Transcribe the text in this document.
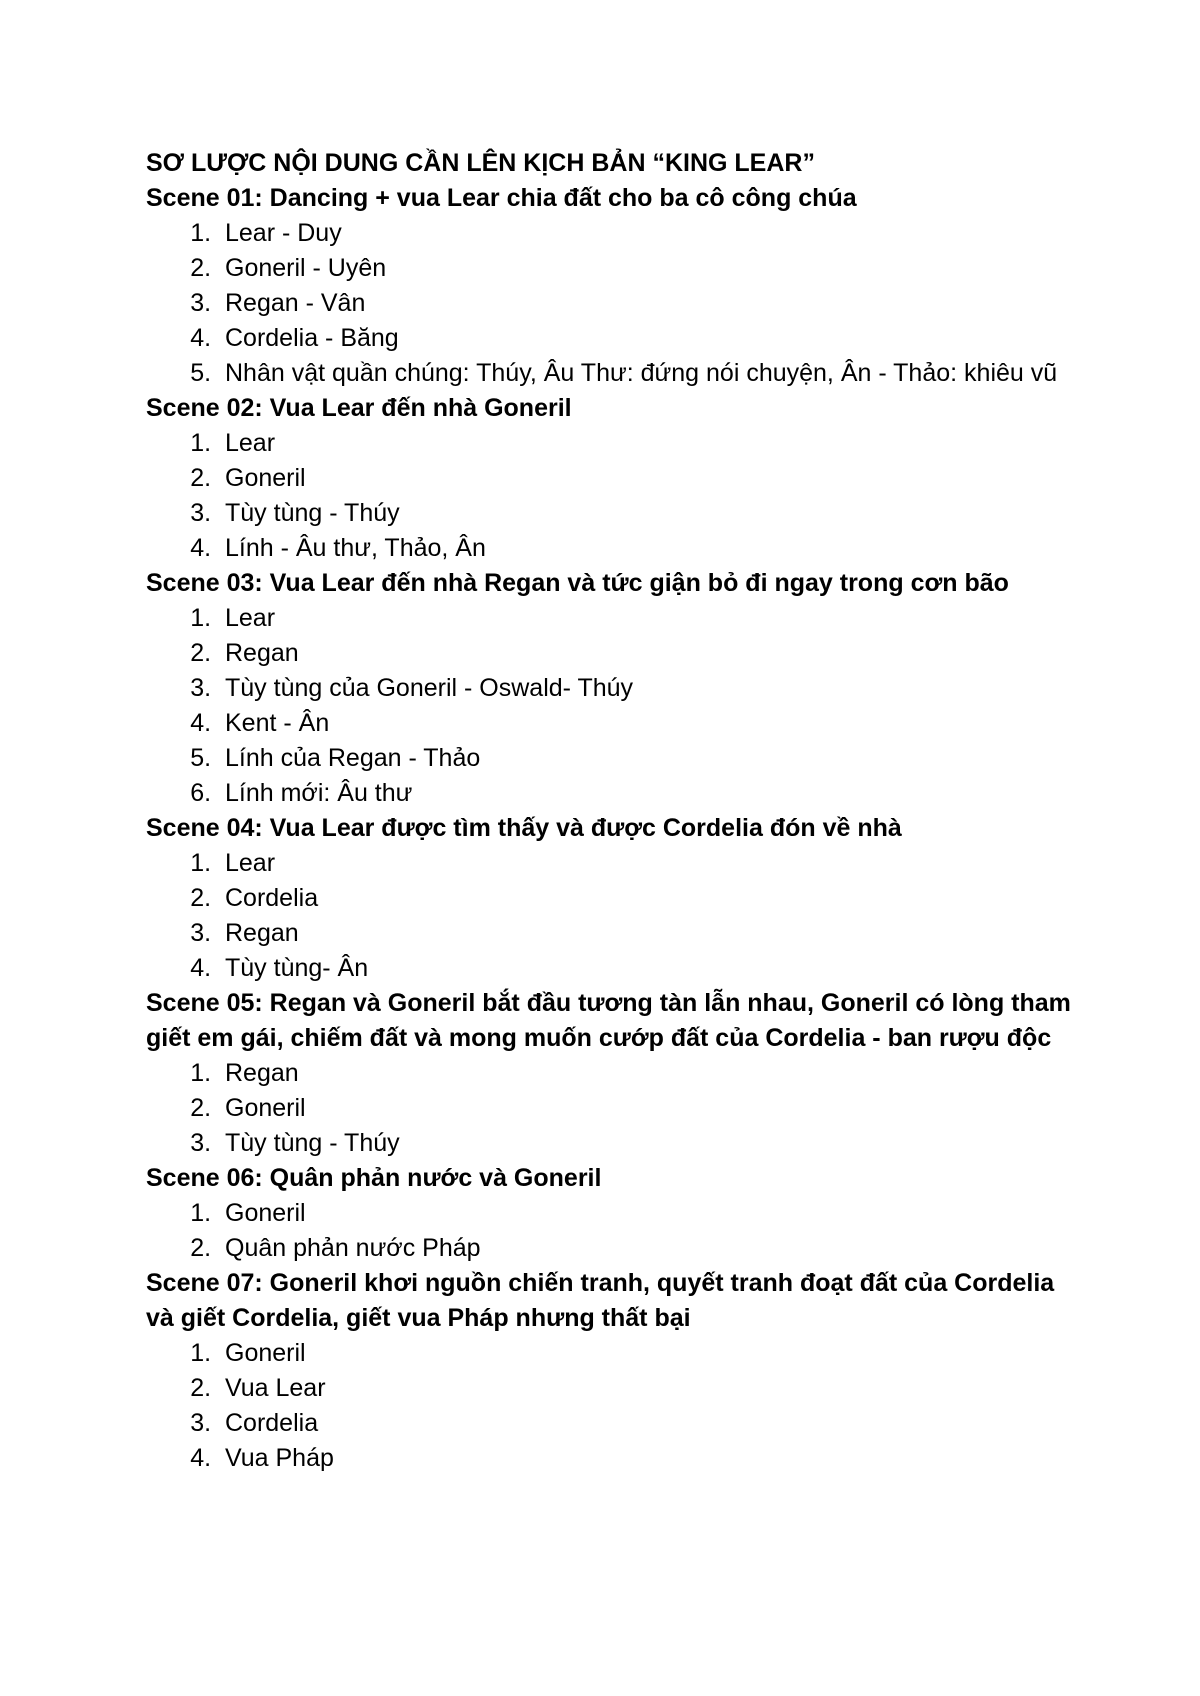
SƠ LƯỢC NỘI DUNG CẦN LÊN KỊCH BẢN “KING LEAR”

Scene 01: Dancing + vua Lear chia đất cho ba cô công chúa

1. Lear - Duy
2. Goneril - Uyên
3. Regan - Vân
4. Cordelia - Băng
5. Nhân vật quần chúng: Thúy, Âu Thư: đứng nói chuyện, Ân - Thảo: khiêu vũ

Scene 02: Vua Lear đến nhà Goneril

1. Lear
2. Goneril
3. Tùy tùng - Thúy
4. Lính - Âu thư, Thảo, Ân

Scene 03: Vua Lear đến nhà Regan và tức giận bỏ đi ngay trong cơn bão

1. Lear
2. Regan
3. Tùy tùng của Goneril - Oswald- Thúy
4. Kent - Ân
5. Lính của Regan - Thảo
6. Lính mới: Âu thư

Scene 04: Vua Lear được tìm thấy và được Cordelia đón về nhà

1. Lear
2. Cordelia
3. Regan
4. Tùy tùng- Ân

Scene 05: Regan và Goneril bắt đầu tương tàn lẫn nhau, Goneril có lòng tham giết em gái, chiếm đất và mong muốn cướp đất của Cordelia - ban rượu độc

1. Regan
2. Goneril
3. Tùy tùng - Thúy

Scene 06: Quân phản nước và Goneril

1. Goneril
2. Quân phản nước Pháp

Scene 07: Goneril khơi nguồn chiến tranh, quyết tranh đoạt đất của Cordelia và giết Cordelia, giết vua Pháp nhưng thất bại

1. Goneril
2. Vua Lear
3. Cordelia
4. Vua Pháp
